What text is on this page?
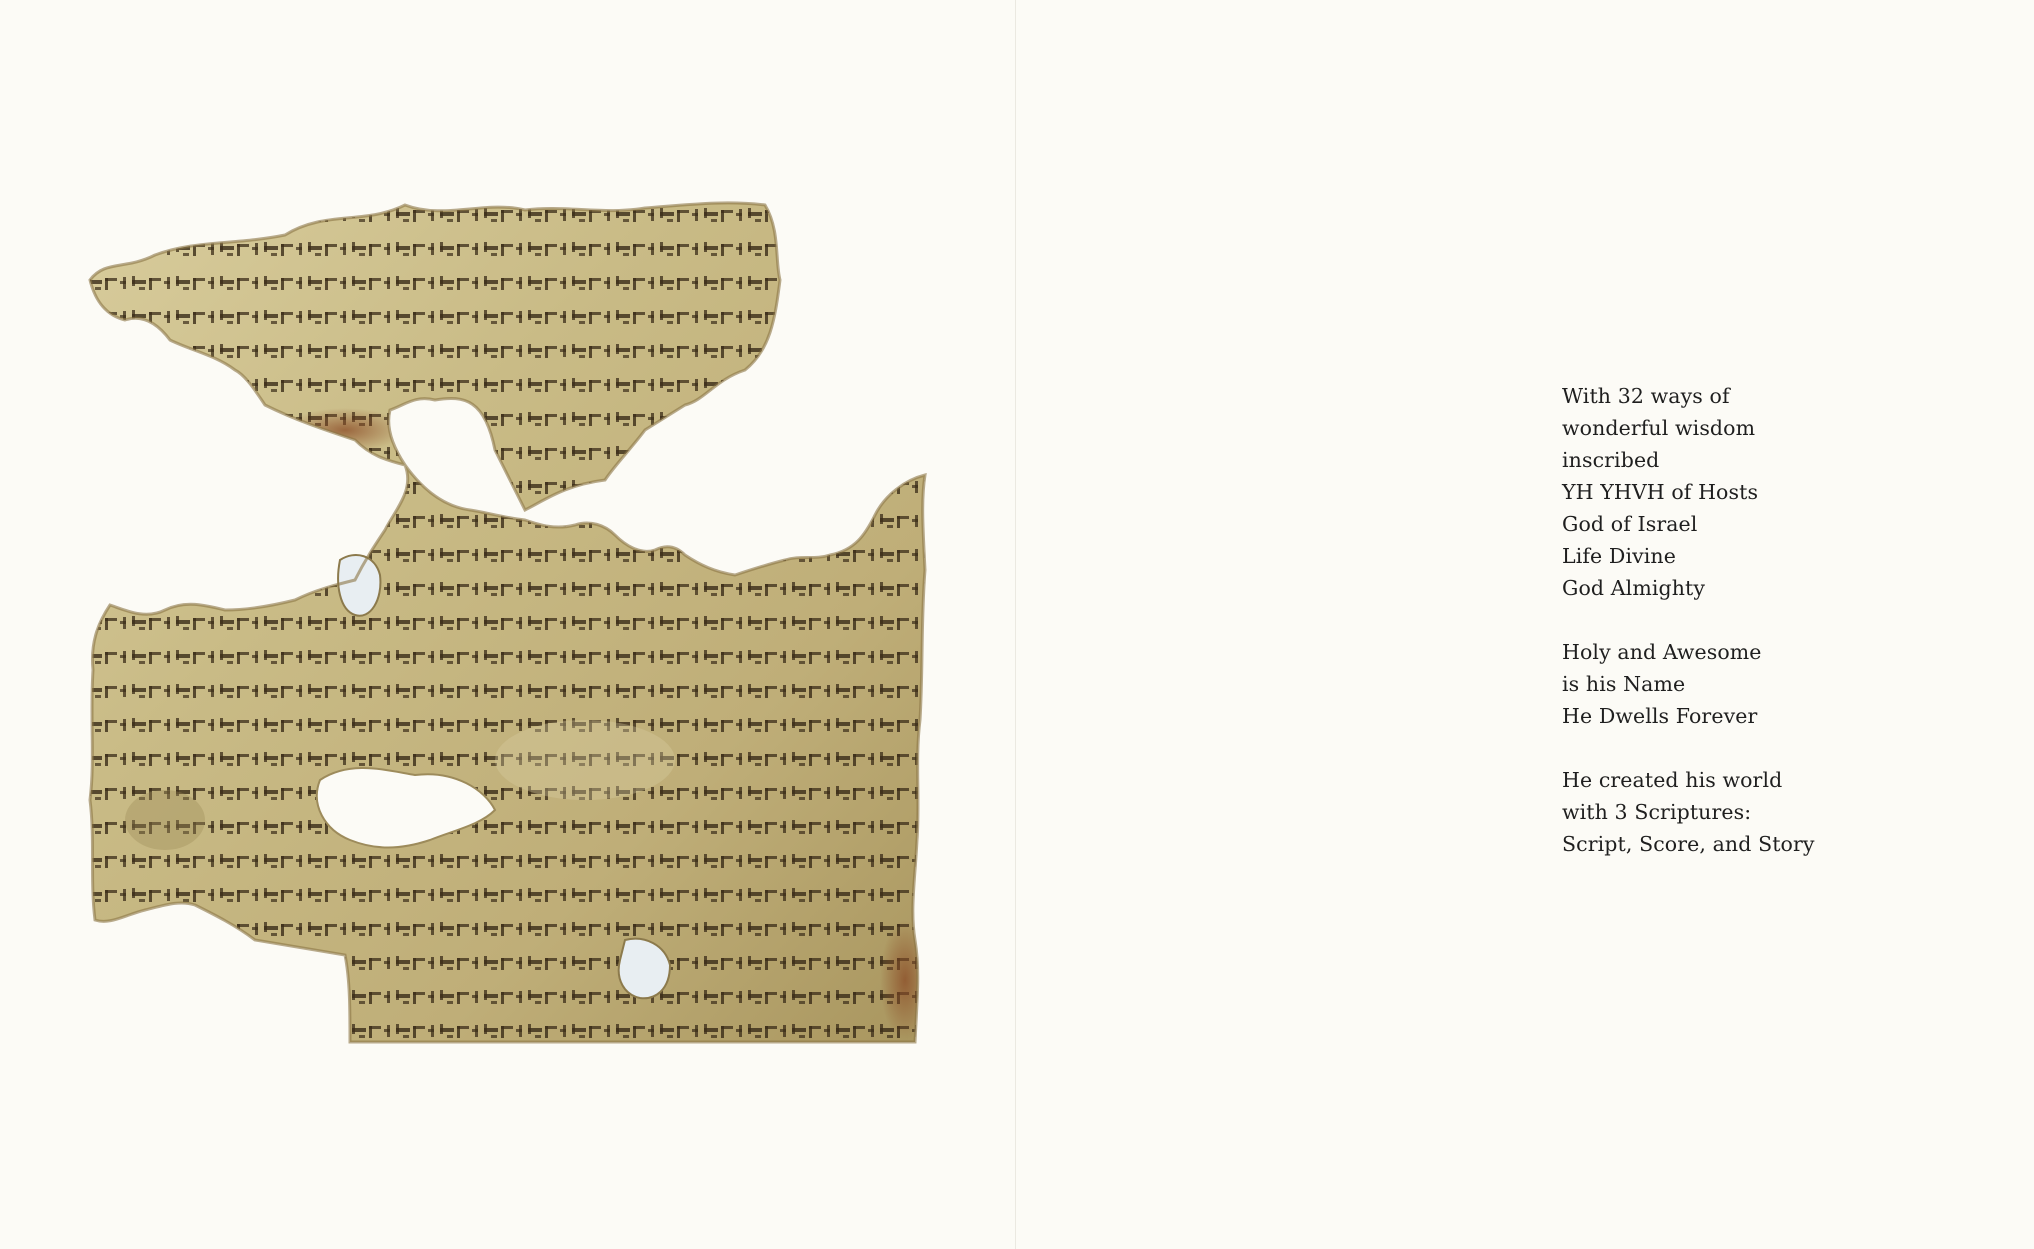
With 32 ways of
wonderful wisdom
inscribed
YH YHVH of Hosts
God of Israel
Life Divine
God Almighty
Holy and Awesome
is his Name
He Dwells Forever
He created his world
with 3 Scriptures:
Script, Score, and Story
